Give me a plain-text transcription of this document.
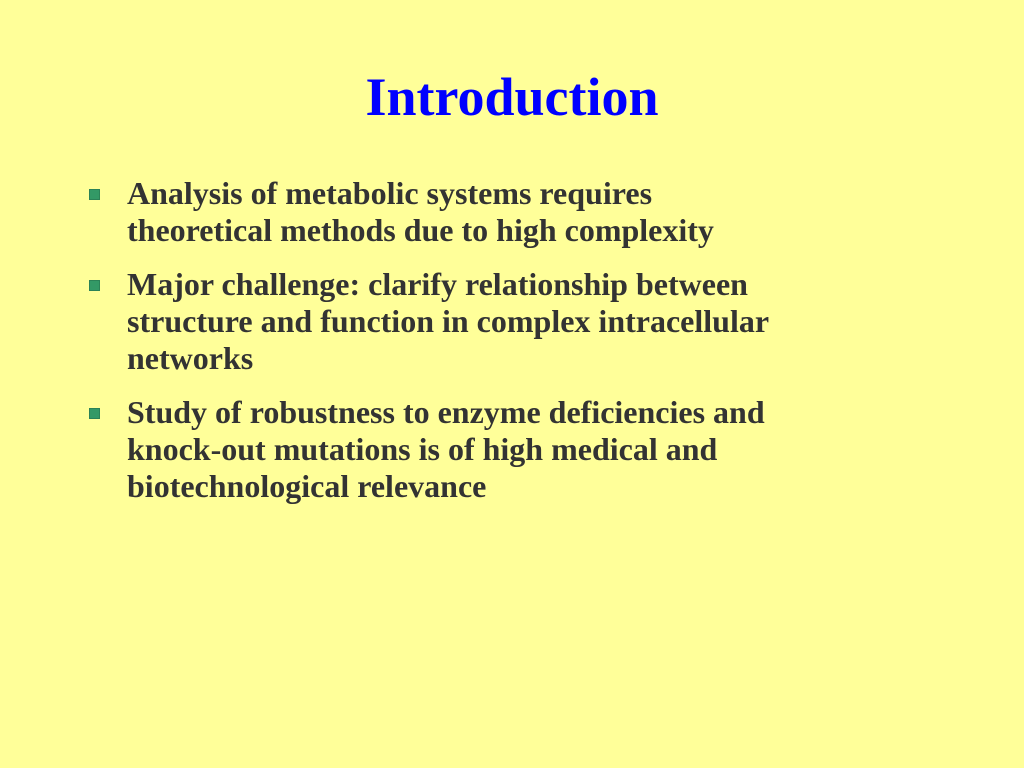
Introduction
Analysis of metabolic systems requires
theoretical methods due to high complexity
Major challenge: clarify relationship between
structure and function in complex intracellular
networks
Study of robustness to enzyme deficiencies and
knock-out mutations is of high medical and
biotechnological relevance
